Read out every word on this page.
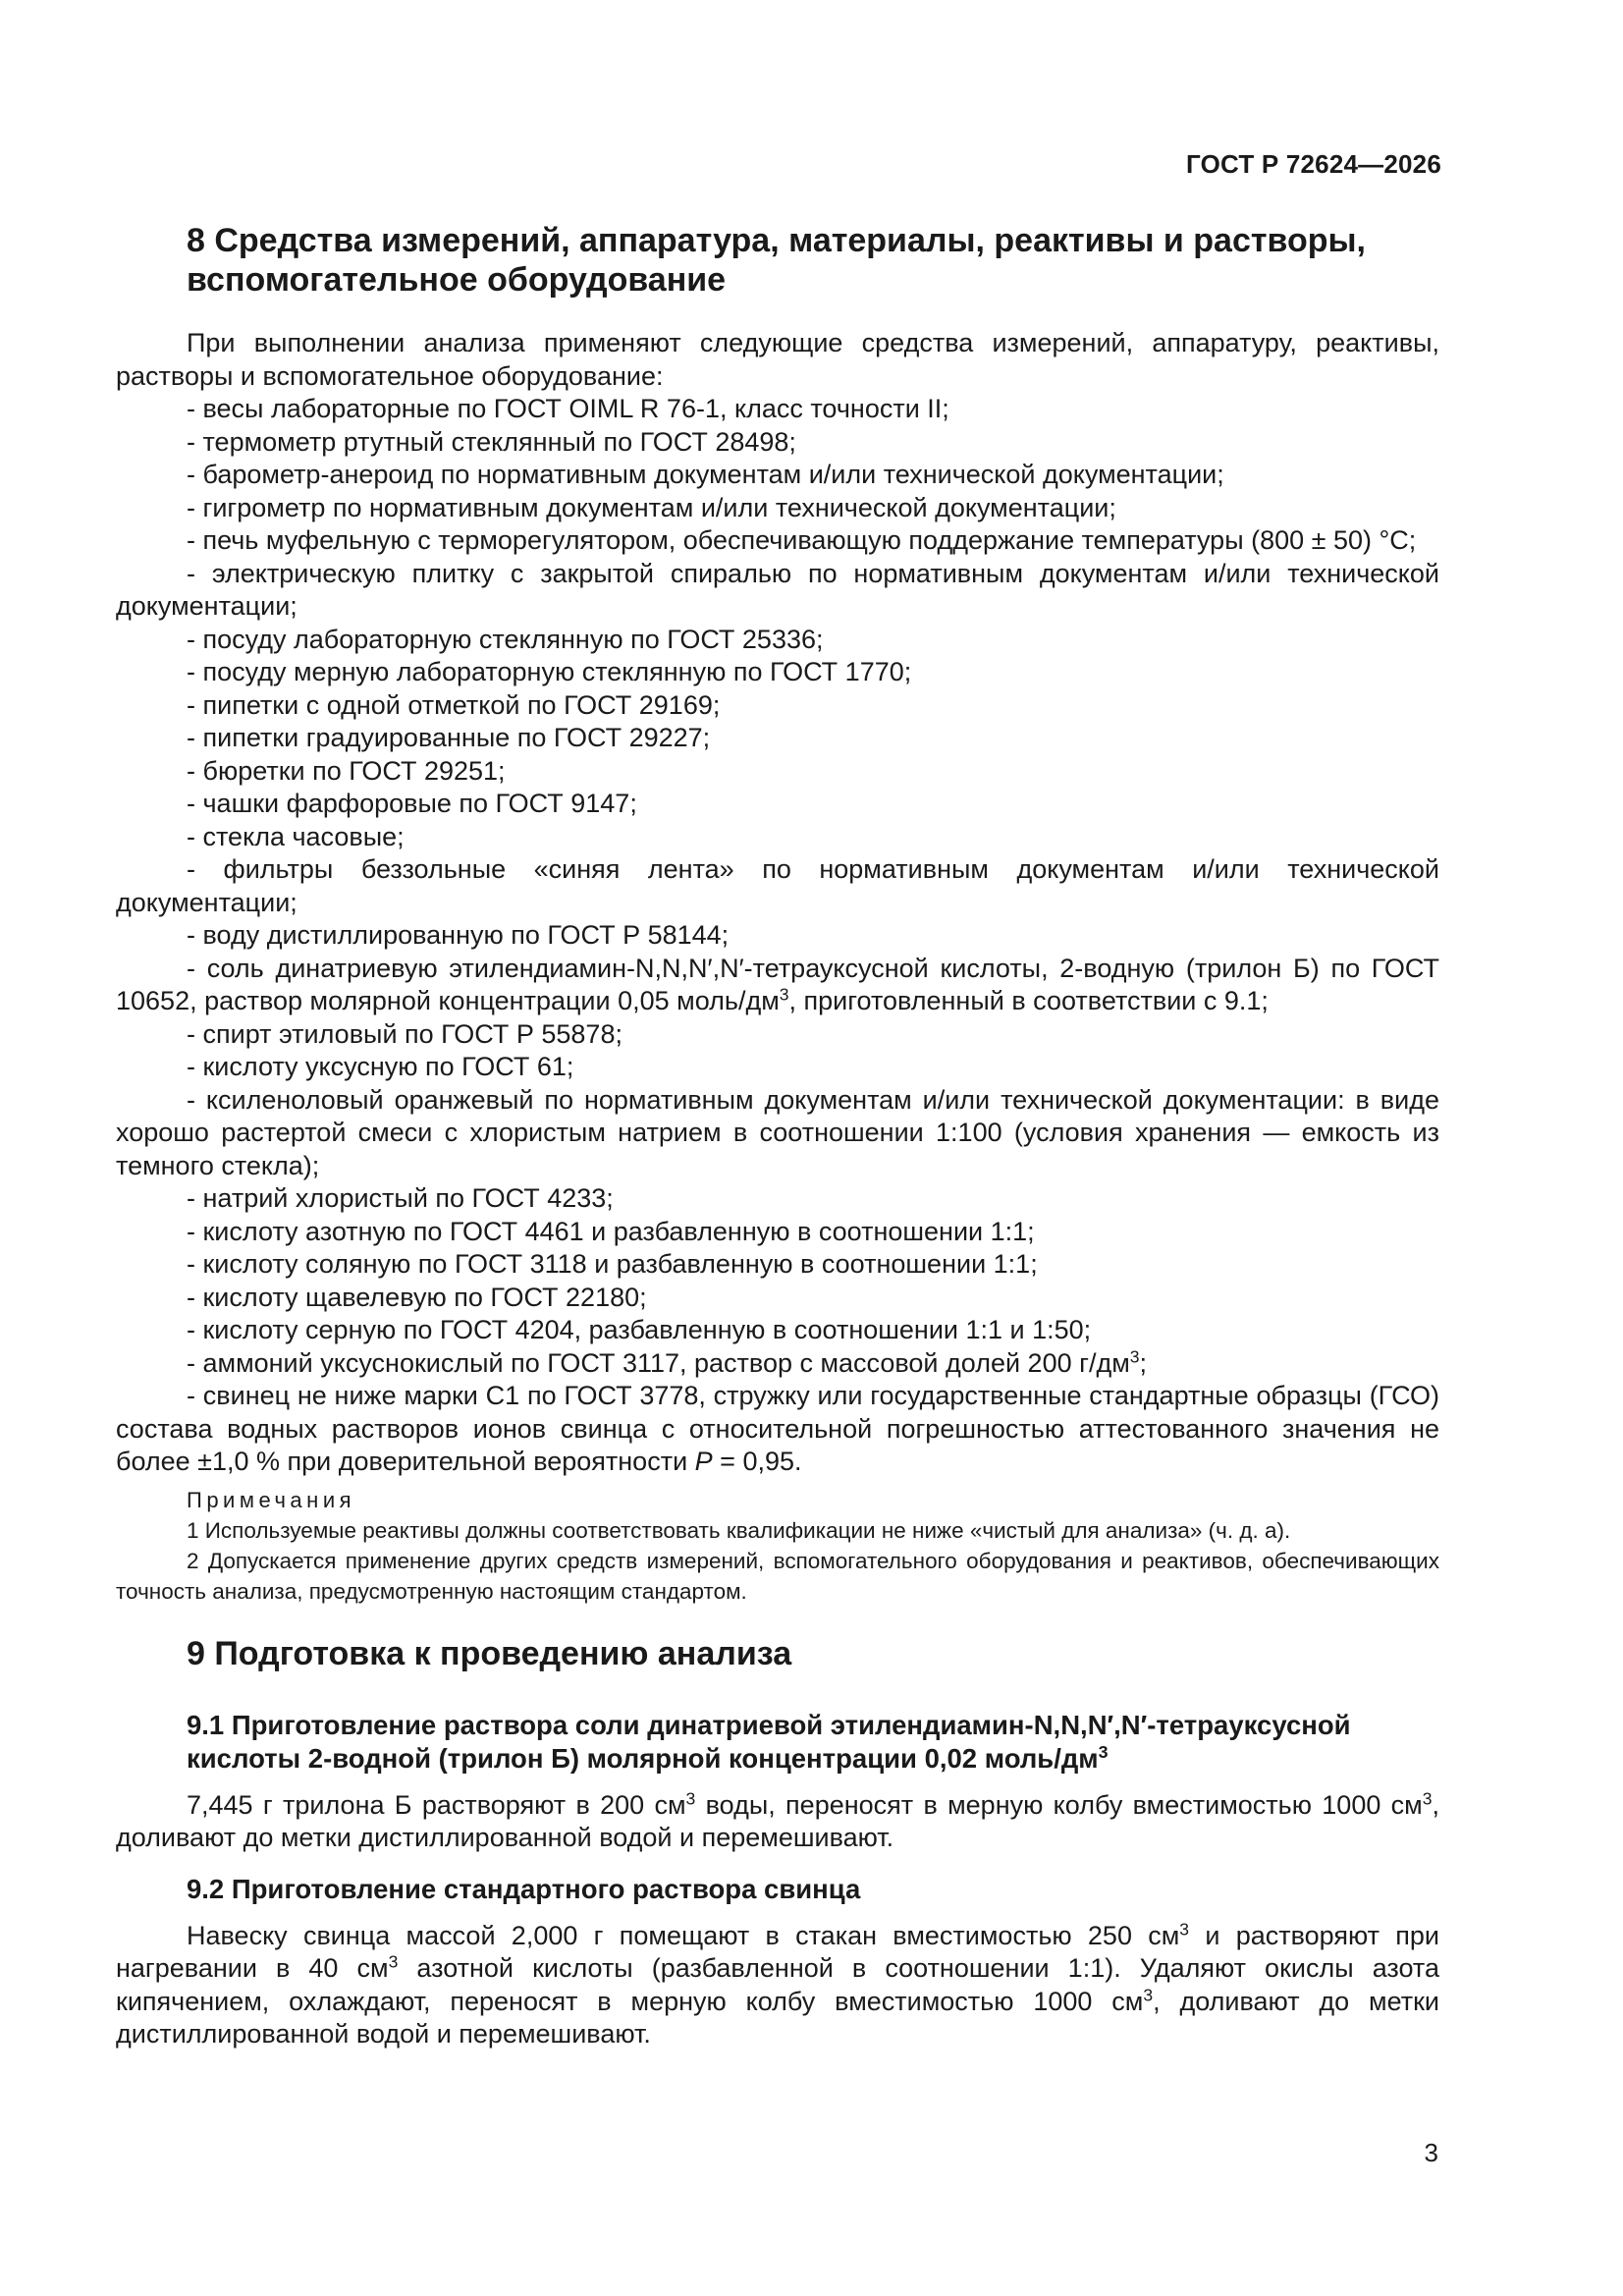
ГОСТ Р 72624—2026
8 Средства измерений, аппаратура, материалы, реактивы и растворы,
вспомогательное оборудование

При выполнении анализа применяют следующие средства измерений, аппаратуру, реактивы, растворы и вспомогательное оборудование:

- весы лабораторные по ГОСТ OIML R 76-1, класс точности II;

- термометр ртутный стеклянный по ГОСТ 28498;

- барометр-анероид по нормативным документам и/или технической документации;

- гигрометр по нормативным документам и/или технической документации;

- печь муфельную с терморегулятором, обеспечивающую поддержание температуры (800 ± 50) °С;

- электрическую плитку с закрытой спиралью по нормативным документам и/или технической документации;

- посуду лабораторную стеклянную по ГОСТ 25336;

- посуду мерную лабораторную стеклянную по ГОСТ 1770;

- пипетки с одной отметкой по ГОСТ 29169;

- пипетки градуированные по ГОСТ 29227;

- бюретки по ГОСТ 29251;

- чашки фарфоровые по ГОСТ 9147;

- стекла часовые;

- фильтры беззольные «синяя лента» по нормативным документам и/или технической документации;

- воду дистиллированную по ГОСТ Р 58144;

- соль динатриевую этилендиамин-N,N,N′,N′-тетрауксусной кислоты, 2-водную (трилон Б) по ГОСТ 10652, раствор молярной концентрации 0,05 моль/$дм^3$, приготовленный в соответствии с 9.1;

- спирт этиловый по ГОСТ Р 55878;

- кислоту уксусную по ГОСТ 61;

- ксиленоловый оранжевый по нормативным документам и/или технической документации: в виде хорошо растертой смеси с хлористым натрием в соотношении 1:100 (условия хранения — емкость из темного стекла);

- натрий хлористый по ГОСТ 4233;

- кислоту азотную по ГОСТ 4461 и разбавленную в соотношении 1:1;

- кислоту соляную по ГОСТ 3118 и разбавленную в соотношении 1:1;

- кислоту щавелевую по ГОСТ 22180;

- кислоту серную по ГОСТ 4204, разбавленную в соотношении 1:1 и 1:50;

- аммоний уксуснокислый по ГОСТ 3117, раствор с массовой долей 200 $г/дм^3$;

- свинец не ниже марки С1 по ГОСТ 3778, стружку или государственные стандартные образцы (ГСО) состава водных растворов ионов свинца с относительной погрешностью аттестованного значения не более ±1,0 % при доверительной вероятности Р = 0,95.

Примечания

1 Используемые реактивы должны соответствовать квалификации не ниже «чистый для анализа» (ч. д. а).

2 Допускается применение других средств измерений, вспомогательного оборудования и реактивов, обеспечивающих точность анализа, предусмотренную настоящим стандартом.

9 Подготовка к проведению анализа
9.1 Приготовление раствора соли динатриевой этилендиамин-N,N,N′,N′-тетрауксусной
кислоты 2-водной (трилон Б) молярной концентрации 0,02 моль/$дм^3$

7,445 г трилона Б растворяют в 200 $см^3$ воды, переносят в мерную колбу вместимостью 1000 $см^3$, доливают до метки дистиллированной водой и перемешивают.

9.2 Приготовление стандартного раствора свинца

Навеску свинца массой 2,000 г помещают в стакан вместимостью 250 $см^3$ и растворяют при нагревании в 40 $см^3$ азотной кислоты (разбавленной в соотношении 1:1). Удаляют окислы азота кипячением, охлаждают, переносят в мерную колбу вместимостью 1000 $см^3$, доливают до метки дистиллированной водой и перемешивают.

3
